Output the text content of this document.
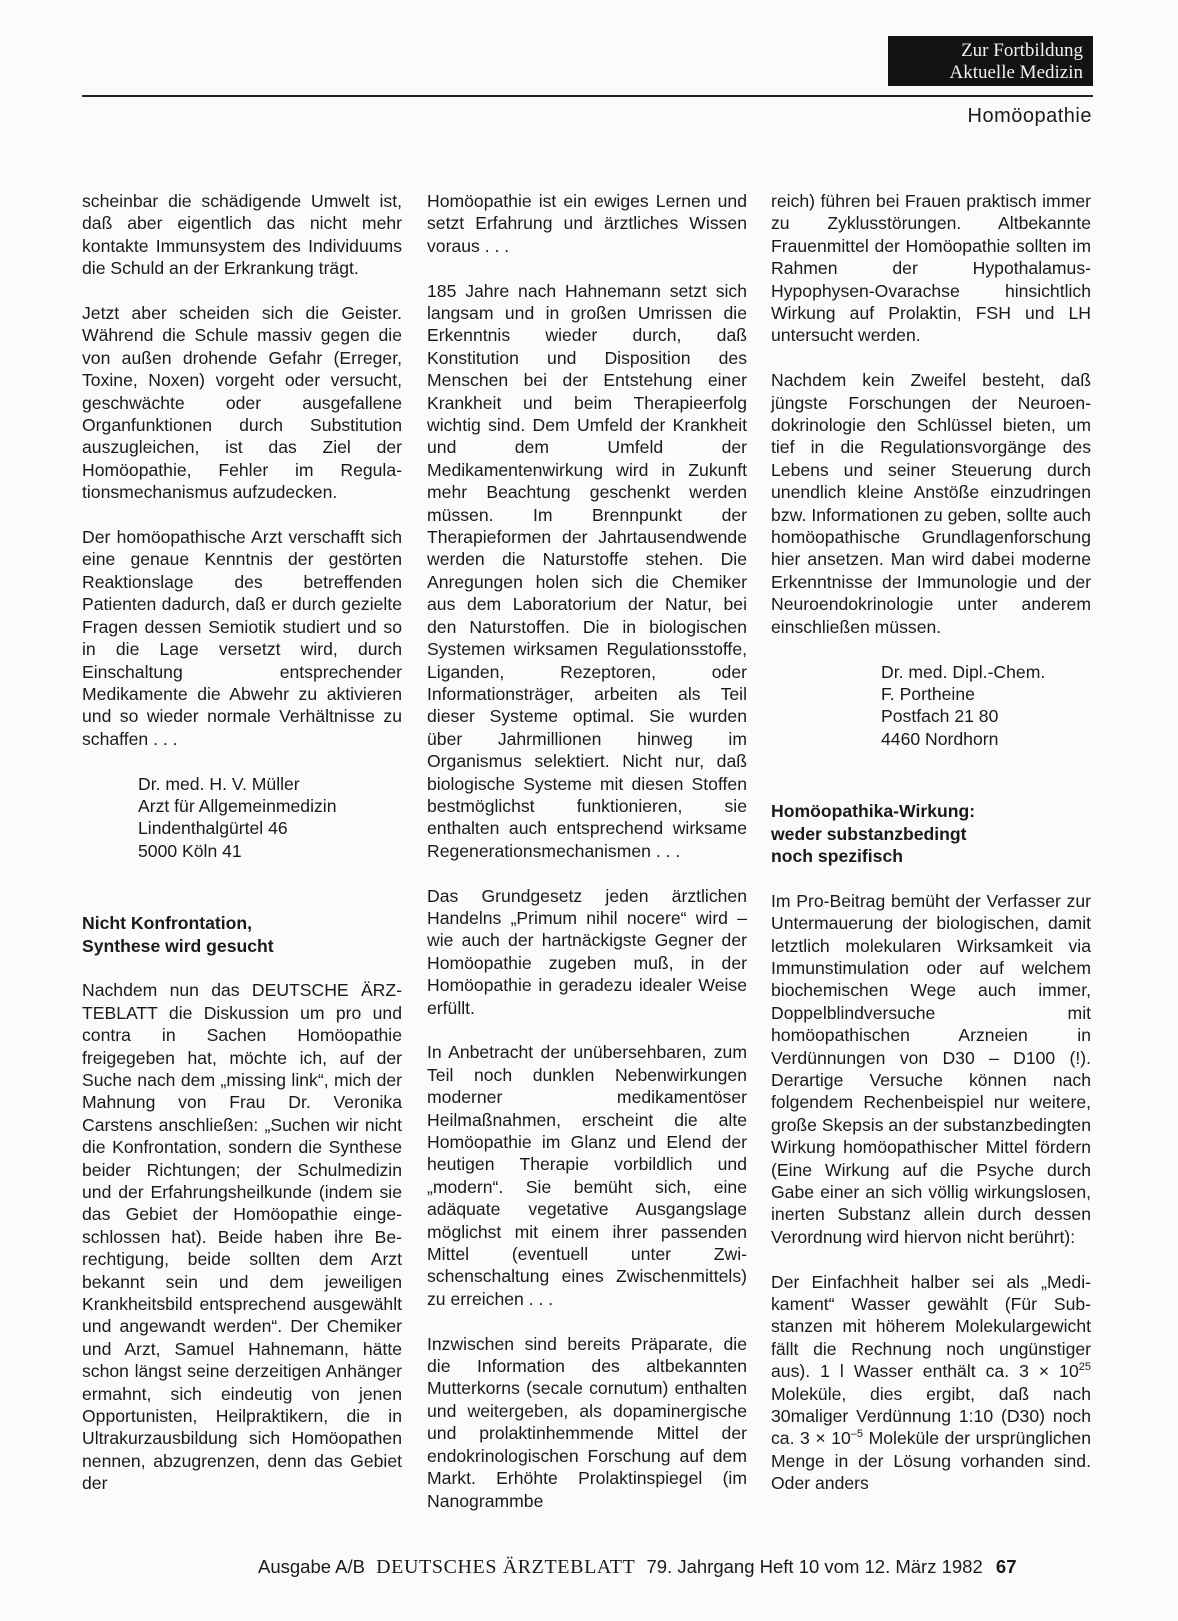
Zur Fortbildung
Aktuelle Medizin
Homöopathie

scheinbar die schädigende Umwelt ist, daß aber eigentlich das nicht mehr kontakte Immunsystem des Individuums die Schuld an der Erkrankung trägt.

Jetzt aber scheiden sich die Geister. Während die Schule massiv gegen die von außen drohende Gefahr (Erreger, Toxine, Noxen) vorgeht oder versucht, geschwächte oder ausgefallene Organfunktionen durch Substitution auszugleichen, ist das Ziel der Homöopathie, Fehler im Regulationsmechanismus aufzudecken.

Der homöopathische Arzt verschafft sich eine genaue Kenntnis der gestörten Reaktionslage des betreffenden Patienten dadurch, daß er durch gezielte Fragen dessen Semiotik studiert und so in die Lage versetzt wird, durch Einschaltung entsprechender Medikamente die Abwehr zu aktivieren und so wieder normale Verhältnisse zu schaffen . . .

Dr. med. H. V. Müller
Arzt für Allgemeinmedizin
Lindenthalgürtel 46
5000 Köln 41

Nicht Konfrontation,
Synthese wird gesucht

Nachdem nun das DEUTSCHE ÄRZTEBLATT die Diskussion um pro und contra in Sachen Homöopathie freigegeben hat, möchte ich, auf der Suche nach dem „missing link“, mich der Mahnung von Frau Dr. Veronika Carstens anschließen: „Suchen wir nicht die Konfrontation, sondern die Synthese beider Richtungen; der Schulmedizin und der Erfahrungsheilkunde (indem sie das Gebiet der Homöopathie eingeschlossen hat). Beide haben ihre Berechtigung, beide sollten dem Arzt bekannt sein und dem jeweiligen Krankheitsbild entsprechend ausgewählt und angewandt werden“. Der Chemiker und Arzt, Samuel Hahnemann, hätte schon längst seine derzeitigen Anhänger ermahnt, sich eindeutig von jenen Opportunisten, Heilpraktikern, die in Ultrakurzausbildung sich Homöopathen nennen, abzugrenzen, denn das Gebiet der

Homöopathie ist ein ewiges Lernen und setzt Erfahrung und ärztliches Wissen voraus . . .

185 Jahre nach Hahnemann setzt sich langsam und in großen Umrissen die Erkenntnis wieder durch, daß Konstitution und Disposition des Menschen bei der Entstehung einer Krankheit und beim Therapieerfolg wichtig sind. Dem Umfeld der Krankheit und dem Umfeld der Medikamentenwirkung wird in Zukunft mehr Beachtung geschenkt werden müssen. Im Brennpunkt der Therapieformen der Jahrtausendwende werden die Naturstoffe stehen. Die Anregungen holen sich die Chemiker aus dem Laboratorium der Natur, bei den Naturstoffen. Die in biologischen Systemen wirksamen Regulationsstoffe, Liganden, Rezeptoren, oder Informationsträger, arbeiten als Teil dieser Systeme optimal. Sie wurden über Jahrmillionen hinweg im Organismus selektiert. Nicht nur, daß biologische Systeme mit diesen Stoffen bestmöglichst funktionieren, sie enthalten auch entsprechend wirksame Regenerationsmechanismen . . .

Das Grundgesetz jeden ärztlichen Handelns „Primum nihil nocere“ wird – wie auch der hartnäckigste Gegner der Homöopathie zugeben muß, in der Homöopathie in geradezu idealer Weise erfüllt.

In Anbetracht der unübersehbaren, zum Teil noch dunklen Nebenwirkungen moderner medikamentöser Heilmaßnahmen, erscheint die alte Homöopathie im Glanz und Elend der heutigen Therapie vorbildlich und „modern“. Sie bemüht sich, eine adäquate vegetative Ausgangslage möglichst mit einem ihrer passenden Mittel (eventuell unter Zwischenschaltung eines Zwischenmittels) zu erreichen . . .

Inzwischen sind bereits Präparate, die die Information des altbekannten Mutterkorns (secale cornutum) enthalten und weitergeben, als dopaminergische und prolaktinhemmende Mittel der endokrinologischen Forschung auf dem Markt. Erhöhte Prolaktinspiegel (im Nanogrammbe

reich) führen bei Frauen praktisch immer zu Zyklusstörungen. Altbekannte Frauenmittel der Homöopathie sollten im Rahmen der Hypothalamus-Hypophysen-Ovarachse hinsichtlich Wirkung auf Prolaktin, FSH und LH untersucht werden.

Nachdem kein Zweifel besteht, daß jüngste Forschungen der Neuroendokrinologie den Schlüssel bieten, um tief in die Regulationsvorgänge des Lebens und seiner Steuerung durch unendlich kleine Anstöße einzudringen bzw. Informationen zu geben, sollte auch homöopathische Grundlagenforschung hier ansetzen. Man wird dabei moderne Erkenntnisse der Immunologie und der Neuroendokrinologie unter anderem einschließen müssen.

Dr. med. Dipl.-Chem.
F. Portheine
Postfach 21 80
4460 Nordhorn

Homöopathika-Wirkung:
weder substanzbedingt
noch spezifisch

Im Pro-Beitrag bemüht der Verfasser zur Untermauerung der biologischen, damit letztlich molekularen Wirksamkeit via Immunstimulation oder auf welchem biochemischen Wege auch immer, Doppelblindversuche mit homöopathischen Arzneien in Verdünnungen von D30 – D100 (!). Derartige Versuche können nach folgendem Rechenbeispiel nur weitere, große Skepsis an der substanzbedingten Wirkung homöopathischer Mittel fördern (Eine Wirkung auf die Psyche durch Gabe einer an sich völlig wirkungslosen, inerten Substanz allein durch dessen Verordnung wird hiervon nicht berührt):

Der Einfachheit halber sei als „Medikament“ Wasser gewählt (Für Substanzen mit höherem Molekulargewicht fällt die Rechnung noch ungünstiger aus). 1 l Wasser enthält ca. $3 \times 10^{25}$ Moleküle, dies ergibt, daß nach 30maliger Verdünnung 1:10 (D30) noch ca. $3 \times 10^{-5}$ Moleküle der ursprünglichen Menge in der Lösung vorhanden sind. Oder anders

Ausgabe A/B DEUTSCHES ÄRZTEBLATT 79. Jahrgang Heft 10 vom 12. März 1982 67
